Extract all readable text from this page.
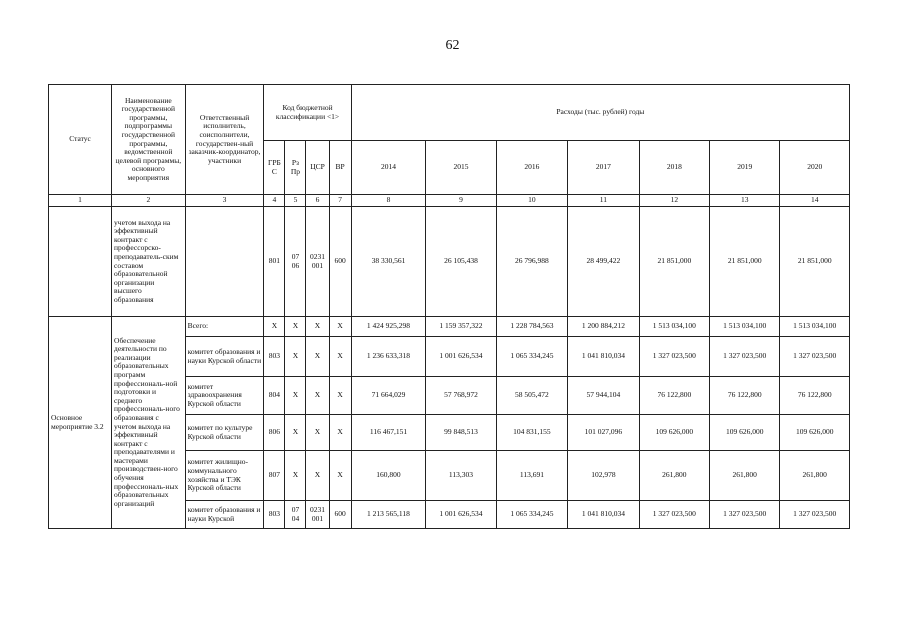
62
Статус	Наименование государственной программы, подпрограммы государственной программы, ведомственной целевой программы, основного мероприятия	Ответственный исполнитель, соисполнители, государствен-ный заказчик-координатор, участники	Код бюджетной классификации <1>				Расходы (тыс. рублей) годы						
			ГРБ С	Рз Пр	ЦСР	ВР	2014	2015	2016	2017	2018	2019	2020
1	2	3	4	5	6	7	8	9	10	11	12	13	14
	учетом выхода на эффективный контракт с профессорско-преподаватель-ским составом образовательной организации высшего образования		801	07 06	0231 001	600	38 330,561	26 105,438	26 796,988	28 499,422	21 851,000	21 851,000	21 851,000
Основное мероприятие 3.2	Обеспечение деятельности по реализации образовательных программ профессиональ-ной подготовки и среднего профессиональ-ного образования с учетом выхода на эффективный контракт с преподавателями и мастерами производствен-ного обучения профессиональ-ных образовательных организаций	Всего:	Х	Х	Х	Х	1 424 925,298	1 159 357,322	1 228 784,563	1 200 884,212	1 513 034,100	1 513 034,100	1 513 034,100
		комитет образования и науки Курской области	803	Х	Х	Х	1 236 633,318	1 001 626,534	1 065 334,245	1 041 810,034	1 327 023,500	1 327 023,500	1 327 023,500
		комитет здравоохранения Курской области	804	Х	Х	Х	71 664,029	57 768,972	58 505,472	57 944,104	76 122,800	76 122,800	76 122,800
		комитет по культуре Курской области	806	Х	Х	Х	116 467,151	99 848,513	104 831,155	101 027,096	109 626,000	109 626,000	109 626,000
		комитет жилищно-коммунального хозяйства и ТЭК Курской области	807	Х	Х	Х	160,800	113,303	113,691	102,978	261,800	261,800	261,800
		комитет образования и науки Курской	803	07 04	0231 001	600	1 213 565,118	1 001 626,534	1 065 334,245	1 041 810,034	1 327 023,500	1 327 023,500	1 327 023,500
